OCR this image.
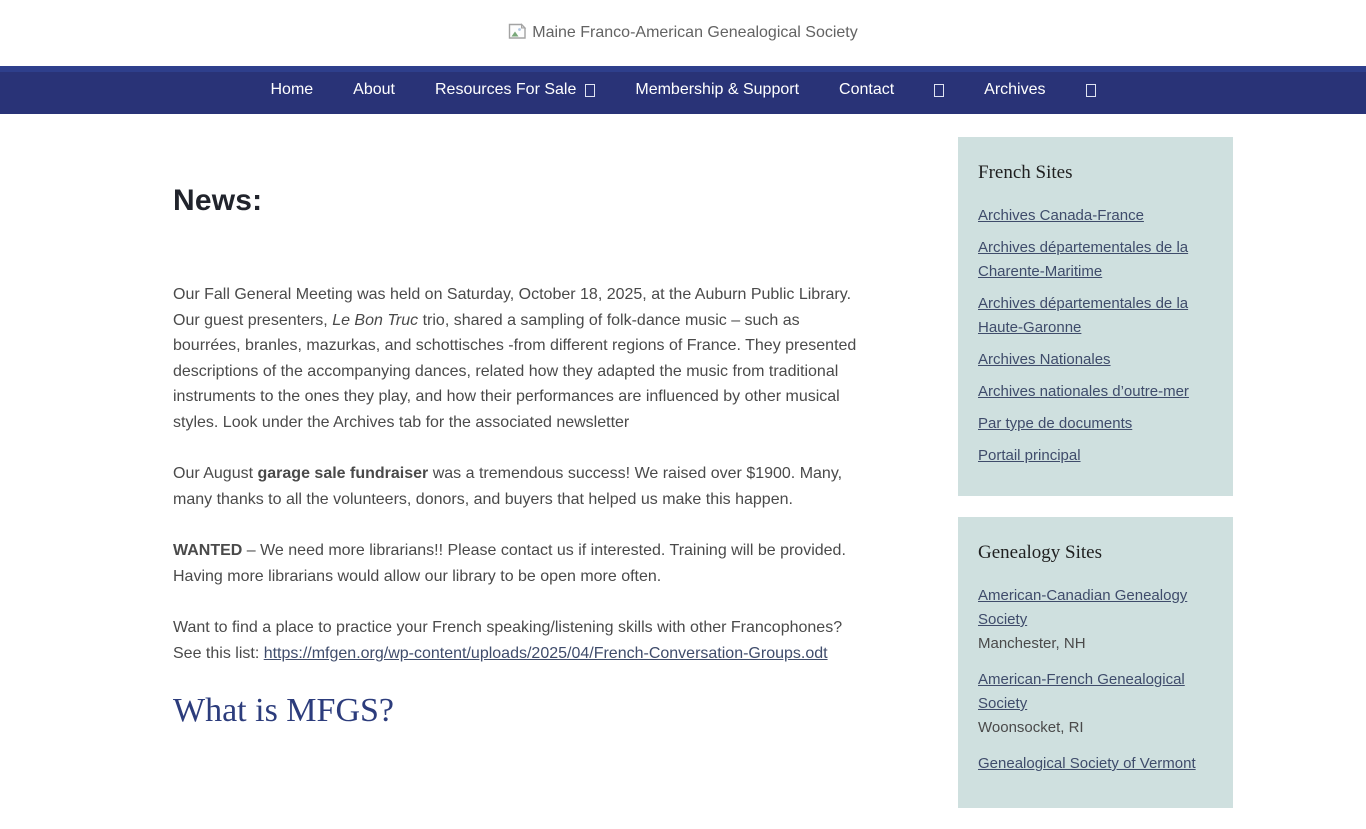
Maine Franco-American Genealogical Society
Home	About	Resources For Sale	Membership & Support	Contact	Archives
News:

Our Fall General Meeting was held on Saturday, October 18, 2025, at the Auburn Public Library. Our guest presenters, Le Bon Truc trio, shared a sampling of folk-dance music – such as bourrées, branles, mazurkas, and schottisches -from different regions of France. They presented descriptions of the accompanying dances, related how they adapted the music from traditional instruments to the ones they play, and how their performances are influenced by other musical styles. Look under the Archives tab for the associated newsletter

Our August garage sale fundraiser was a tremendous success! We raised over $1900. Many, many thanks to all the volunteers, donors, and buyers that helped us make this happen.

WANTED – We need more librarians!! Please contact us if interested. Training will be provided. Having more librarians would allow our library to be open more often.

Want to find a place to practice your French speaking/listening skills with other Francophones? See this list: https://mfgen.org/wp-content/uploads/2025/04/French-Conversation-Groups.odt

What is MFGS?
French Sites
Archives Canada-France
Archives départementales de la Charente-Maritime
Archives départementales de la Haute-Garonne
Archives Nationales
Archives nationales d’outre-mer
Par type de documents
Portail principal
Genealogy Sites
American-Canadian Genealogy Society
Manchester, NH
American-French Genealogical Society
Woonsocket, RI
Genealogical Society of Vermont
